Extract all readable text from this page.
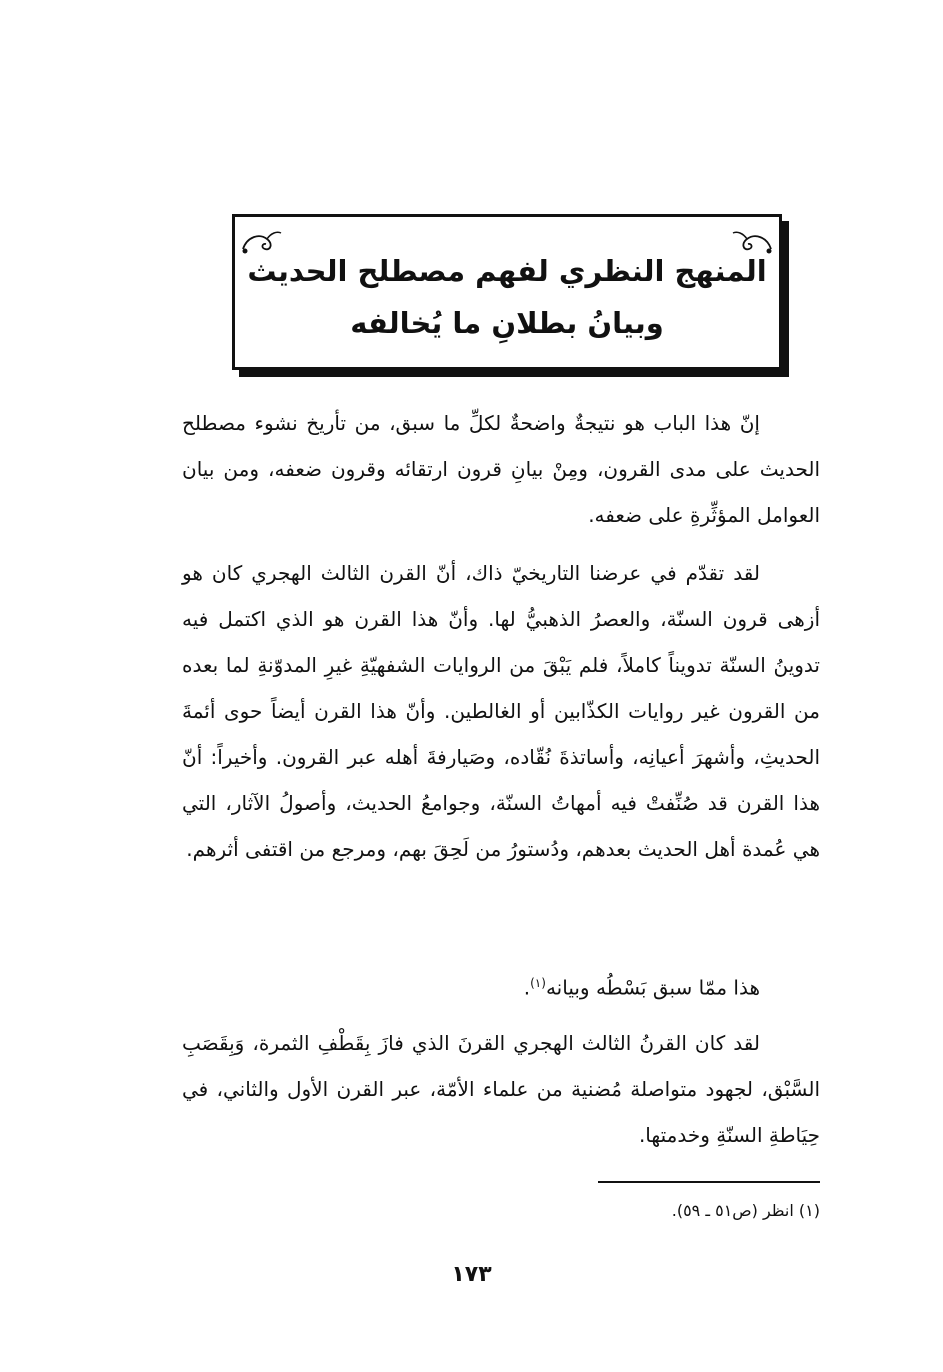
المنهج النظري لفهم مصطلح الحديث
وبيانُ بطلانِ ما يُخالفه

إنّ هذا الباب هو نتيجةٌ واضحةٌ لكلِّ ما سبق، من تأريخ نشوء مصطلح الحديث على مدى القرون، ومِنْ بيانِ قرون ارتقائه وقرون ضعفه، ومن بيان العوامل المؤثِّرةِ على ضعفه.

لقد تقدّم في عرضنا التاريخيّ ذاك، أنّ القرن الثالث الهجري كان هو أزهى قرون السنّة، والعصرُ الذهبيُّ لها. وأنّ هذا القرن هو الذي اكتمل فيه تدوينُ السنّة تدويناً كاملاً، فلم يَبْقَ من الروايات الشفهيّةِ غيرِ المدوّنةِ لما بعده من القرون غير روايات الكذّابين أو الغالطين. وأنّ هذا القرن أيضاً حوى أئمةَ الحديثِ، وأشهرَ أعيانِه، وأساتذةَ نُقّاده، وصَيارفةَ أهله عبر القرون. وأخيراً: أنّ هذا القرن قد صُنِّفتْ فيه أمهاتُ السنّة، وجوامعُ الحديث، وأصولُ الآثار، التي هي عُمدة أهل الحديث بعدهم، ودُستورُ من لَحِقَ بهم، ومرجع من اقتفى أثرهم.

هذا ممّا سبق بَسْطُه وبيانه$^{(١)}$.

لقد كان القرنُ الثالث الهجري القرنَ الذي فازَ بِقَطْفِ الثمرة، وَبِقَصَبِ السَّبْق، لجهود متواصلة مُضنية من علماء الأمّة، عبر القرن الأول والثاني، في حِيَاطةِ السنّةِ وخدمتها.

(١) انظر (ص٥١ ـ ٥٩).
١٧٣
